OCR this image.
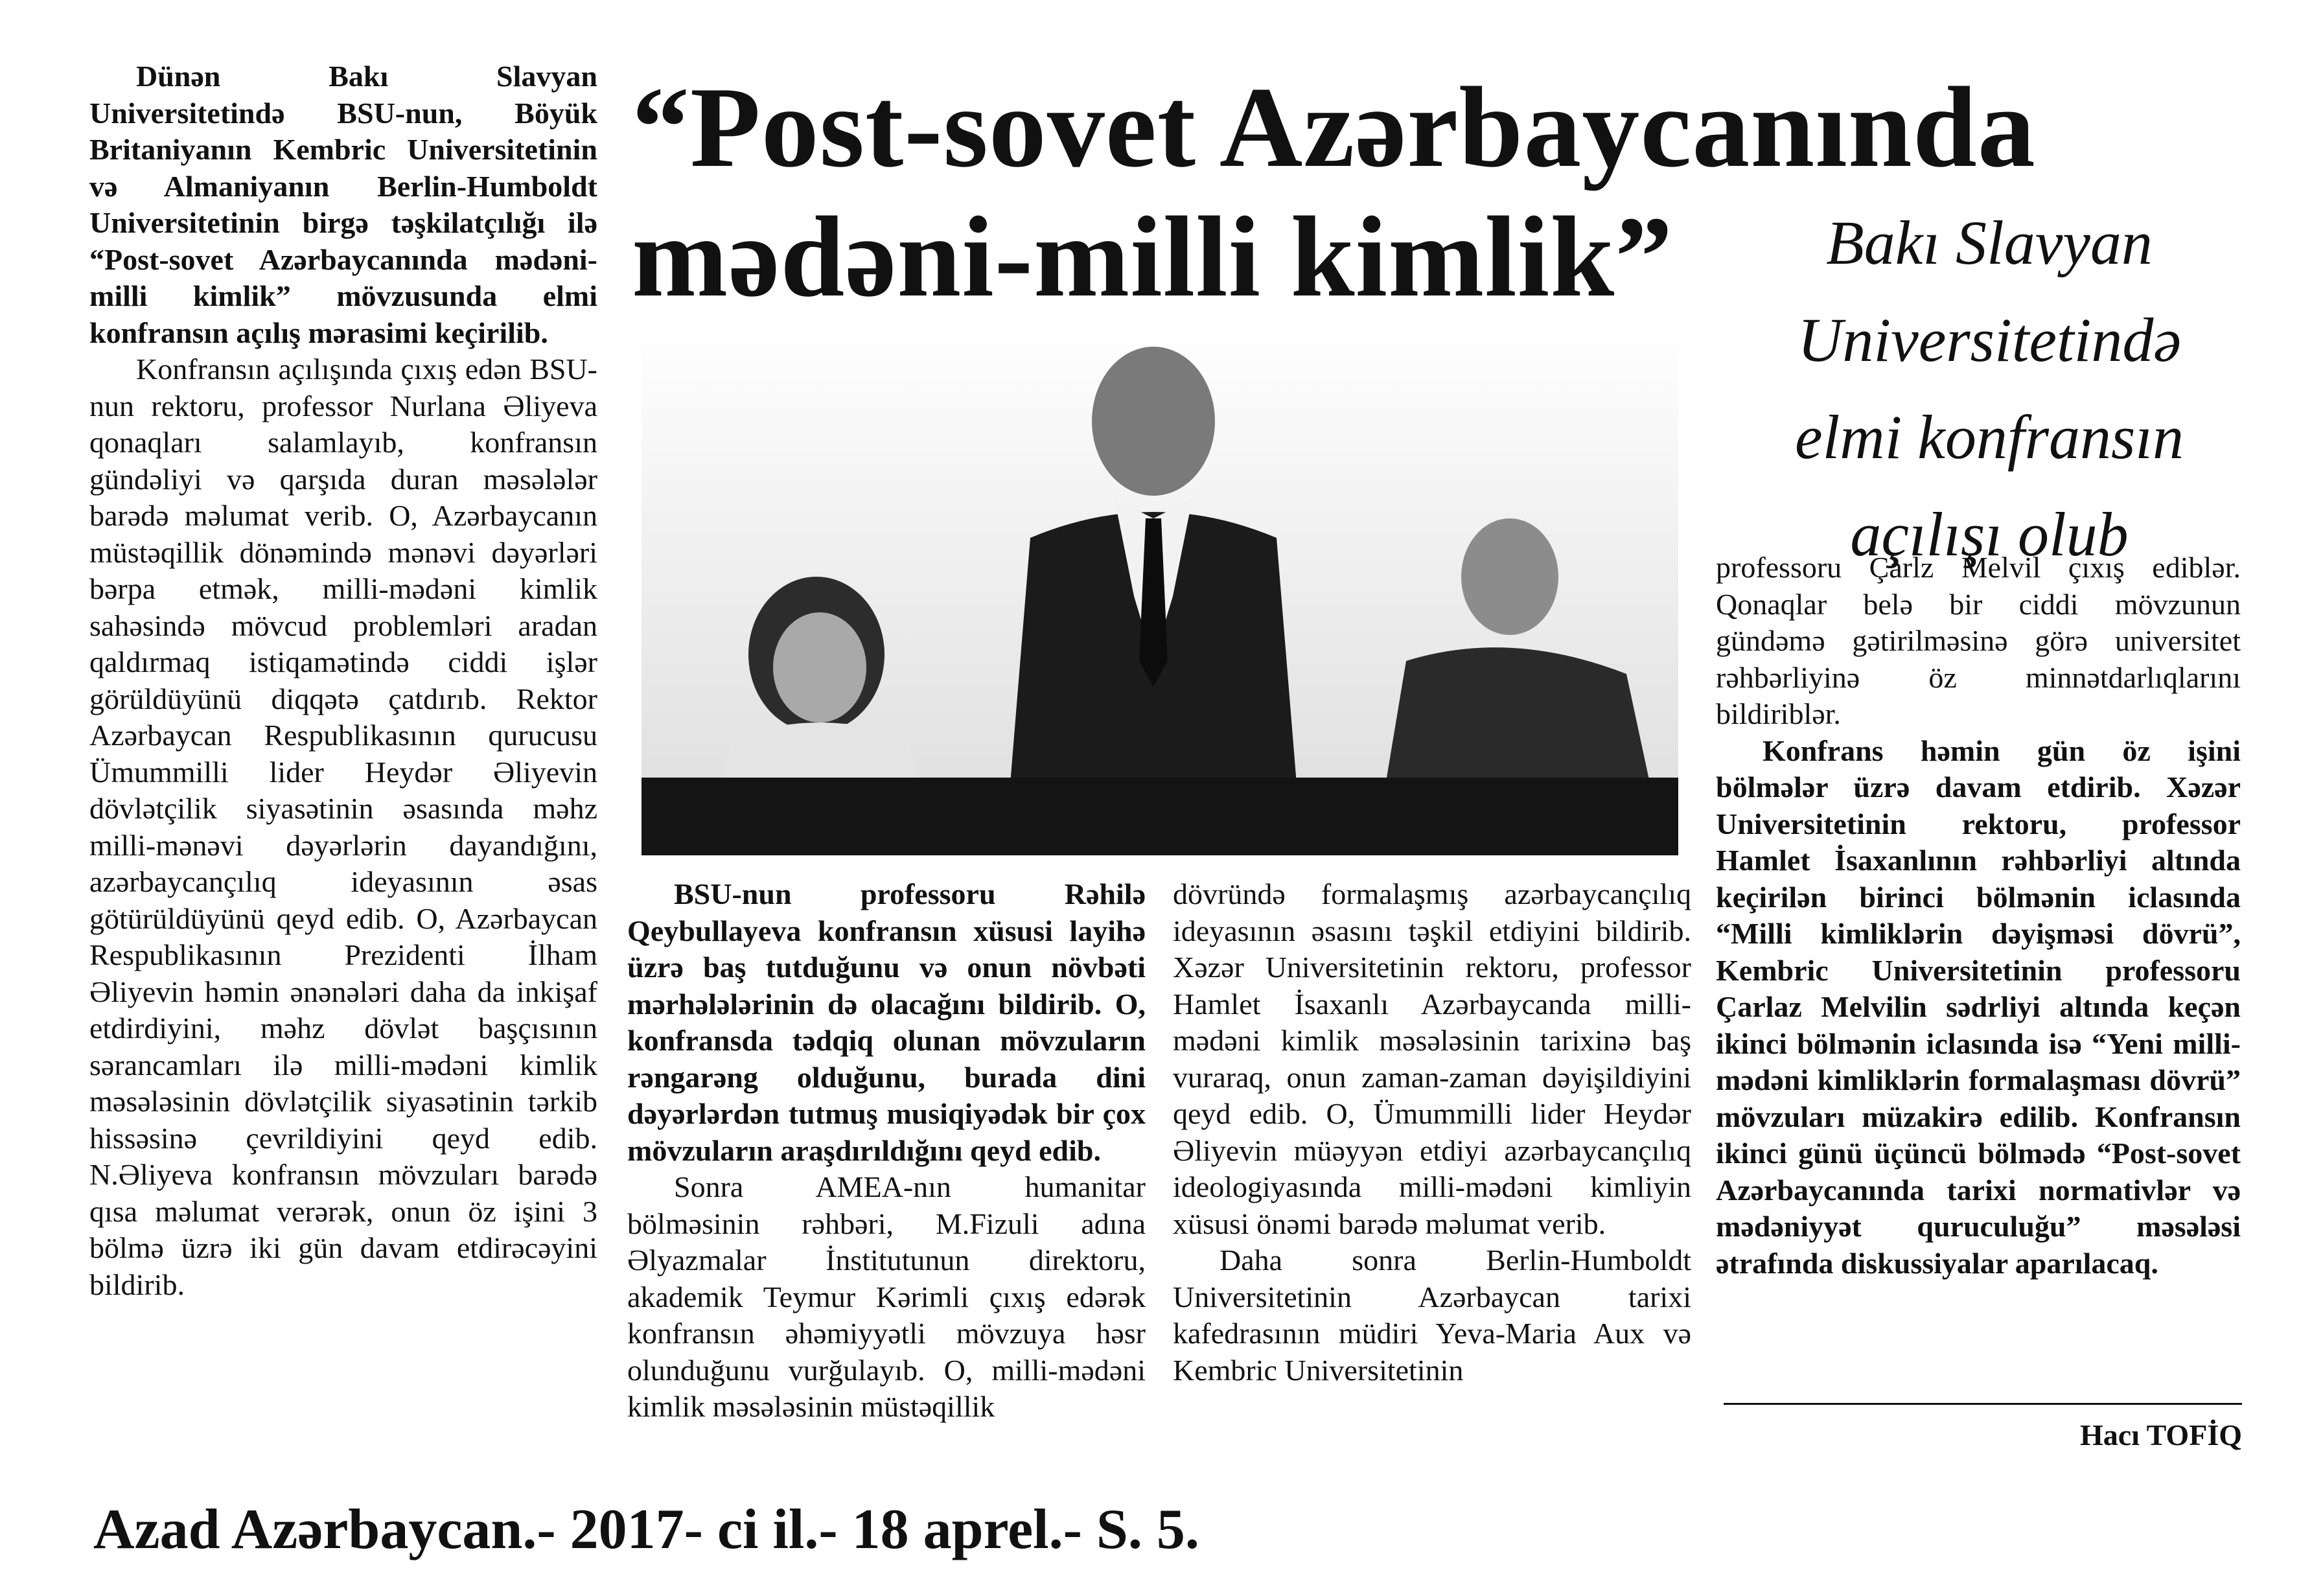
“Post-sovet Azərbaycanında
mədəni-milli kimlik”	Bakı Slavyan
Universitetində
elmi konfransın
açılışı olub

Dünən Bakı Slavyan Universitetində BSU-nun, Böyük Britaniyanın Kembric Universitetinin və Almaniyanın Berlin-Humboldt Universitetinin birgə təşkilatçılığı ilə “Post-sovet Azərbaycanında mədəni-milli kimlik” mövzusunda elmi konfransın açılış mərasimi keçirilib.

Konfransın açılışında çıxış edən BSU-nun rektoru, professor Nurlana Əliyeva qonaqları salamlayıb, konfransın gündəliyi və qarşıda duran məsələlər barədə məlumat verib. O, Azərbaycanın müstəqillik dönəmində mənəvi dəyərləri bərpa etmək, milli-mədəni kimlik sahəsində mövcud problemləri aradan qaldırmaq istiqamətində ciddi işlər görüldüyünü diqqətə çatdırıb. Rektor Azərbaycan Respublikasının qurucusu Ümummilli lider Heydər Əliyevin dövlətçilik siyasətinin əsasında məhz milli-mənəvi dəyərlərin dayandığını, azərbaycançılıq ideyasının əsas götürüldüyünü qeyd edib. O, Azərbaycan Respublikasının Prezidenti İlham Əliyevin həmin ənənələri daha da inkişaf etdirdiyini, məhz dövlət başçısının sərancamları ilə milli-mədəni kimlik məsələsinin dövlətçilik siyasətinin tərkib hissəsinə çevrildiyini qeyd edib. N.Əliyeva konfransın mövzuları barədə qısa məlumat verərək, onun öz işini 3 bölmə üzrə iki gün davam etdirəcəyini bildirib.

BSU-nun professoru Rəhilə Qeybullayeva konfransın xüsusi layihə üzrə baş tutduğunu və onun növbəti mərhələlərinin də olacağını bildirib. O, konfransda tədqiq olunan mövzuların rəngarəng olduğunu, burada dini dəyərlərdən tutmuş musiqiyədək bir çox mövzuların araşdırıldığını qeyd edib.

Sonra AMEA-nın humanitar bölməsinin rəhbəri, M.Fizuli adına Əlyazmalar İnstitutunun direktoru, akademik Teymur Kərimli çıxış edərək konfransın əhəmiyyətli mövzuya həsr olunduğunu vurğulayıb. O, milli-mədəni kimlik məsələsinin müstəqillik

dövründə formalaşmış azərbaycançılıq ideyasının əsasını təşkil etdiyini bildirib. Xəzər Universitetinin rektoru, professor Hamlet İsaxanlı Azərbaycanda milli-mədəni kimlik məsələsinin tarixinə baş vuraraq, onun zaman-zaman dəyişildiyini qeyd edib. O, Ümummilli lider Heydər Əliyevin müəyyən etdiyi azərbaycançılıq ideologiyasında milli-mədəni kimliyin xüsusi önəmi barədə məlumat verib.

Daha sonra Berlin-Humboldt Universitetinin Azərbaycan tarixi kafedrasının müdiri Yeva-Maria Aux və Kembric Universitetinin

professoru Çarlz Melvil çıxış ediblər. Qonaqlar belə bir ciddi mövzunun gündəmə gətirilməsinə görə universitet rəhbərliyinə öz minnətdarlıqlarını bildiriblər.

Konfrans həmin gün öz işini bölmələr üzrə davam etdirib. Xəzər Universitetinin rektoru, professor Hamlet İsaxanlının rəhbərliyi altında keçirilən birinci bölmənin iclasında “Milli kimliklərin dəyişməsi dövrü”, Kembric Universitetinin professoru Çarlaz Melvilin sədrliyi altında keçən ikinci bölmənin iclasında isə “Yeni milli-mədəni kimliklərin formalaşması dövrü” mövzuları müzakirə edilib. Konfransın ikinci günü üçüncü bölmədə “Post-sovet Azərbaycanında tarixi normativlər və mədəniyyət quruculuğu” məsələsi ətrafında diskussiyalar aparılacaq.

Hacı TOFİQ
Azad Azərbaycan.- 2017- ci il.- 18 aprel.- S. 5.
